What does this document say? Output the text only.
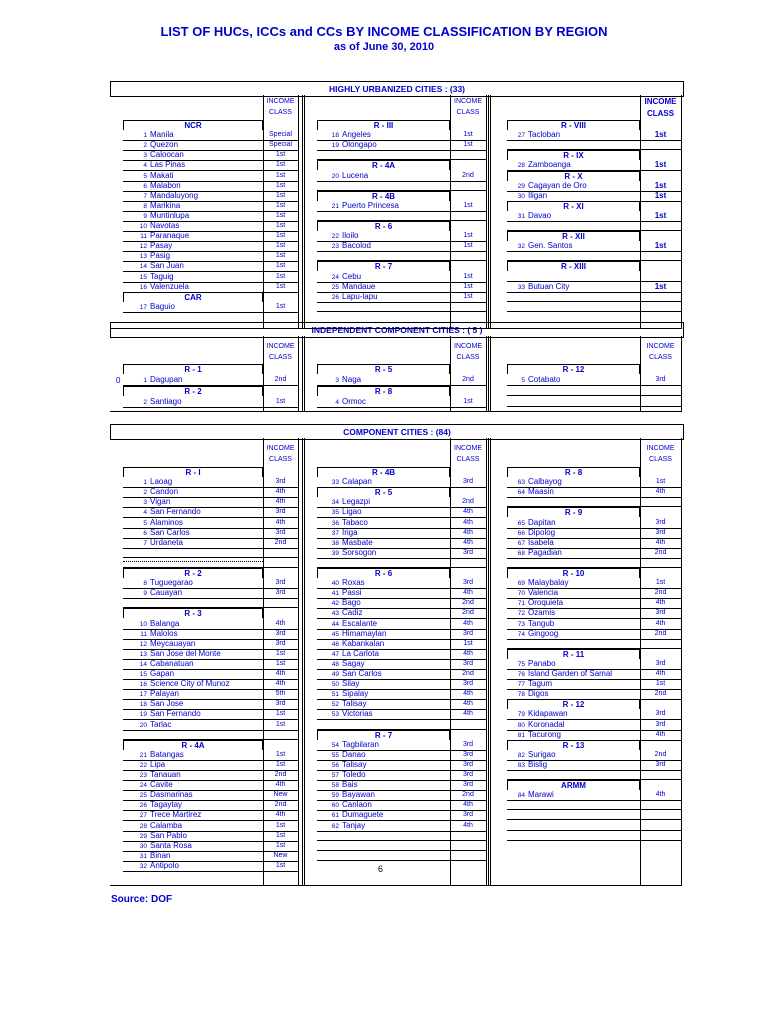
LIST OF HUCs, ICCs and CCs BY INCOME CLASSIFICATION BY REGION
as of June 30, 2010
HIGHLY URBANIZED CITIES : (33)
INDEPENDENT COMPONENT CITIES : ( 5 )
COMPONENT CITIES : (84)
INCOME
CLASS
NCR
1 Manila	Special
2 Quezon	Special
3 Caloocan	1st
4 Las Pinas	1st
5 Makati	1st
6 Malabon	1st
7 Mandaluyong	1st
8 Marikina	1st
9 Muntinlupa	1st
10 Navotas	1st
11 Paranaque	1st
12 Pasay	1st
13 Pasig	1st
14 San Juan	1st
15 Taguig	1st
16 Valenzuela	1st
CAR
17 Baguio	1st
INCOME
CLASS
R - III
18 Angeles	1st
19 Olongapo	1st
R - 4A
20 Lucena	2nd
R - 4B
21 Puerto Princesa	1st
R - 6
22 Iloilo	1st
23 Bacolod	1st
R - 7
24 Cebu	1st
25 Mandaue	1st
26 Lapu-lapu	1st
INCOME
CLASS
R - VIII
27 Tacloban	1st
R - IX
28 Zamboanga	1st
R - X
29 Cagayan de Oro	1st
30 Iligan	1st
R - XI
31 Davao	1st
R - XII
32 Gen. Santos	1st
R - XIII
33 Butuan City	1st
INCOME
CLASS
R - 1
1 Dagupan	2nd
R - 2
2 Santiago	1st
INCOME
CLASS
R - 5
3 Naga	2nd
R - 8
4 Ormoc	1st
INCOME
CLASS
R - 12
5 Cotabato	3rd
INCOME
CLASS
R - I
1 Laoag	3rd
2 Candon	4th
3 Vigan	4th
4 San Fernando	3rd
5 Alaminos	4th
6 San Carlos	3rd
7 Urdaneta	2nd
R - 2
8 Tuguegarao	3rd
9 Cauayan	3rd
R - 3
10 Balanga	4th
11 Malolos	3rd
12 Meycauayan	3rd
13 San Jose del Monte	1st
14 Cabanatuan	1st
15 Gapan	4th
16 Science City of Munoz	4th
17 Palayan	5th
18 San Jose	3rd
19 San Fernando	1st
20 Tarlac	1st
R - 4A
21 Batangas	1st
22 Lipa	1st
23 Tanauan	2nd
24 Cavite	4th
25 Dasmarinas	New
26 Tagaytay	2nd
27 Trece Martirez	4th
28 Calamba	1st
29 San Pablo	1st
30 Santa Rosa	1st
31 Binan	New
32 Antipolo	1st
INCOME
CLASS
R - 4B
33 Calapan	3rd
R - 5
34 Legazpi	2nd
35 Ligao	4th
36 Tabaco	4th
37 Iriga	4th
38 Masbate	4th
39 Sorsogon	3rd
R - 6
40 Roxas	3rd
41 Passi	4th
42 Bago	2nd
43 Cadiz	2nd
44 Escalante	4th
45 Himamaylan	3rd
46 Kabankalan	1st
47 La Carlota	4th
48 Sagay	3rd
49 San Carlos	2nd
50 Silay	3rd
51 Sipalay	4th
52 Talisay	4th
53 Victorias	4th
R - 7
54 Tagbilaran	3rd
55 Danao	3rd
56 Talisay	3rd
57 Toledo	3rd
58 Bais	3rd
59 Bayawan	2nd
60 Canlaon	4th
61 Dumaguete	3rd
62 Tanjay	4th
INCOME
CLASS
R - 8
63 Calbayog	1st
64 Maasin	4th
R - 9
65 Dapitan	3rd
66 Dipolog	3rd
67 Isabela	4th
68 Pagadian	2nd
R - 10
69 Malaybalay	1st
70 Valencia	2nd
71 Oroquieta	4th
72 Ozamis	3rd
73 Tangub	4th
74 Gingoog	2nd
R - 11
75 Panabo	3rd
76 Island Garden of Samal	4th
77 Tagum	1st
78 Digos	2nd
R - 12
79 Kidapawan	3rd
80 Koronadal	3rd
81 Tacurong	4th
R - 13
82 Surigao	2nd
83 Bislig	3rd
ARMM
84 Marawi	4th
0
6
Source: DOF
